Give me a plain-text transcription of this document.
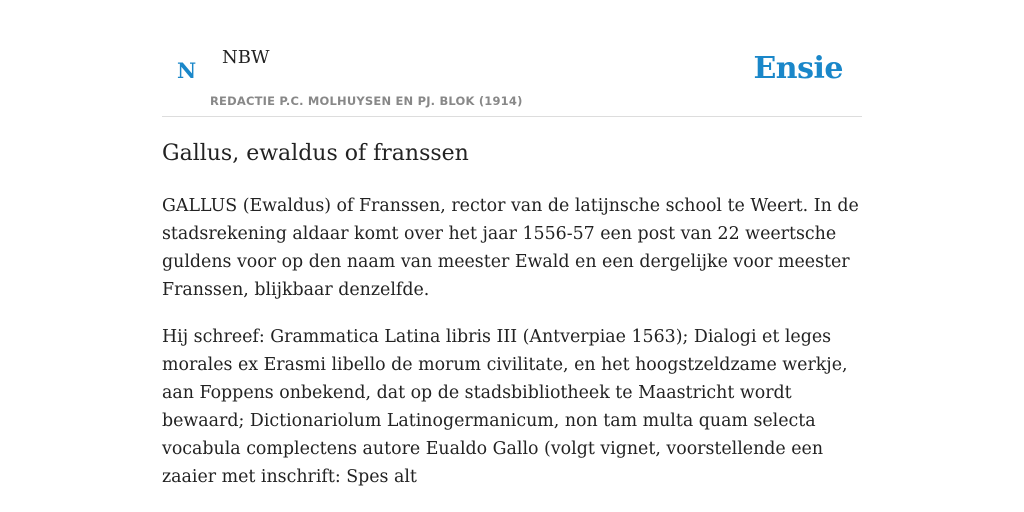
N
NBW
REDACTIE P.C. MOLHUYSEN EN PJ. BLOK (1914)
Ensie
Gallus, ewaldus of franssen

GALLUS (Ewaldus) of Franssen, rector van de latijnsche school te Weert. In de stadsrekening aldaar komt over het jaar 1556-57 een post van 22 weertsche guldens voor op den naam van meester Ewald en een dergelijke voor meester Franssen, blijkbaar denzelfde.

Hij schreef: Grammatica Latina libris III (Antverpiae 1563); Dialogi et leges morales ex Erasmi libello de morum civilitate, en het hoogstzeldzame werkje, aan Foppens onbekend, dat op de stadsbibliotheek te Maastricht wordt bewaard; Dictionariolum Latinogermanicum, non tam multa quam selecta vocabula complectens autore Eualdo Gallo (volgt vignet, voorstellende een zaaier met inschrift: Spes alt
